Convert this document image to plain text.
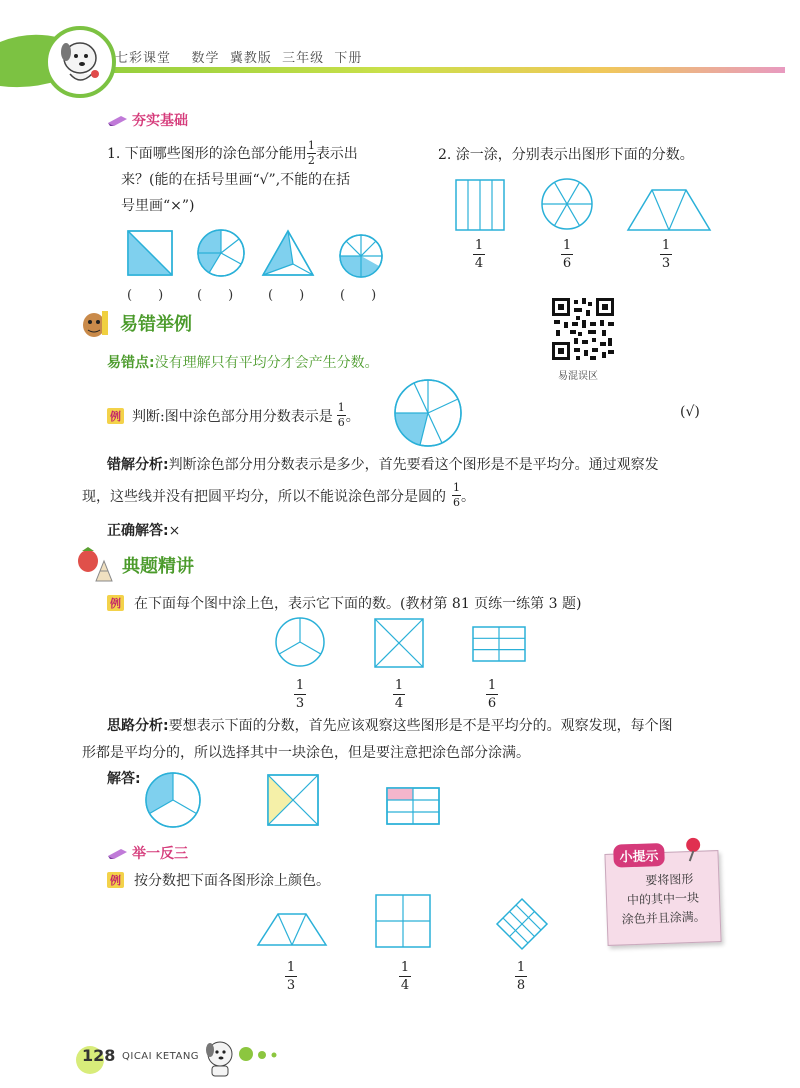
七彩课堂 数学 冀教版 三年级 下册
夯实基础
1. 下面哪些图形的涂色部分能用 $\frac{1}{2}$ 表示出
来？(能的在括号里画“√”,不能的在括
号里画“×”)
(　　)	(　　)	(　　)	(　　)
2. 涂一涂，分别表示出图形下面的分数。
1
4
1
6
1
3
易混误区
易错举例
易错点:没有理解只有平均分才会产生分数。
例 判断:图中涂色部分用分数表示是 $\frac{1}{6}$ 。	(√)
错解分析:判断涂色部分用分数表示是多少，首先要看这个图形是不是平均分。通过观察发
现，这些线并没有把圆平均分，所以不能说涂色部分是圆的 $\frac{1}{6}$ 。
正确解答:×
典题精讲
例 在下面每个图中涂上色，表示它下面的数。(教材第 81 页练一练第 3 题)
1
3
1
4
1
6
思路分析:要想表示下面的分数，首先应该观察这些图形是不是平均分的。观察发现，每个图
形都是平均分的，所以选择其中一块涂色，但是要注意把涂色部分涂满。
解答:
举一反三
例 按分数把下面各图形涂上颜色。
1
3
1
4
1
8
小提示
要将图形
中的其中一块
涂色并且涂满。
128 QICAI KETANG
